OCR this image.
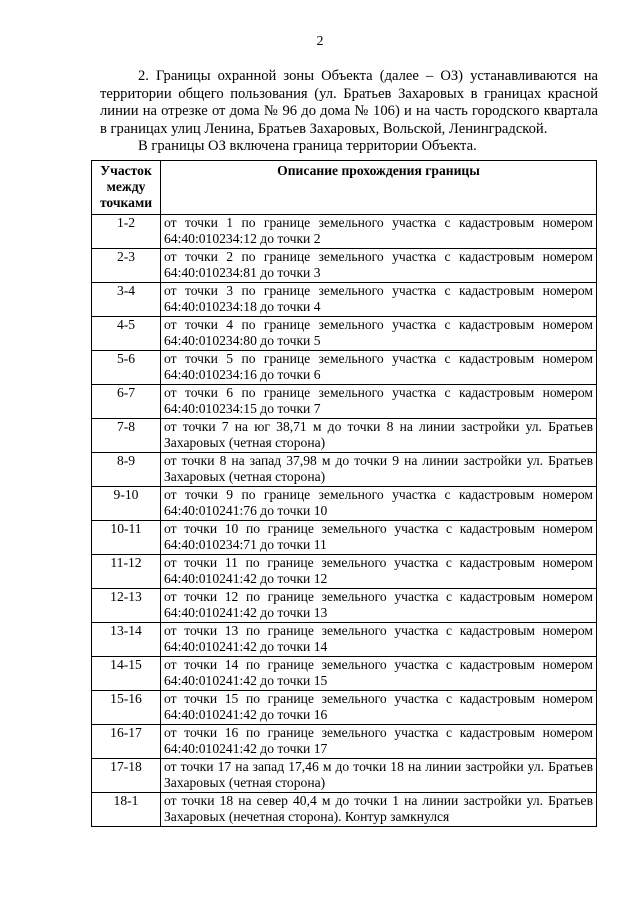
2

2. Границы охранной зоны Объекта (далее – ОЗ) устанавливаются на территории общего пользования (ул. Братьев Захаровых в границах красной линии на отрезке от дома № 96 до дома № 106) и на часть городского квартала в границах улиц Ленина, Братьев Захаровых, Вольской, Ленинградской.

В границы ОЗ включена граница территории Объекта.

Участок между точками	Описание прохождения границы
1-2	от точки 1 по границе земельного участка с кадастровым номером 64:40:010234:12 до точки 2
2-3	от точки 2 по границе земельного участка с кадастровым номером 64:40:010234:81 до точки 3
3-4	от точки 3 по границе земельного участка с кадастровым номером 64:40:010234:18 до точки 4
4-5	от точки 4 по границе земельного участка с кадастровым номером 64:40:010234:80 до точки 5
5-6	от точки 5 по границе земельного участка с кадастровым номером 64:40:010234:16 до точки 6
6-7	от точки 6 по границе земельного участка с кадастровым номером 64:40:010234:15 до точки 7
7-8	от точки 7 на юг 38,71 м до точки 8 на линии застройки ул. Братьев Захаровых (четная сторона)
8-9	от точки 8 на запад 37,98 м до точки 9 на линии застройки ул. Братьев Захаровых (четная сторона)
9-10	от точки 9 по границе земельного участка с кадастровым номером 64:40:010241:76 до точки 10
10-11	от точки 10 по границе земельного участка с кадастровым номером 64:40:010234:71 до точки 11
11-12	от точки 11 по границе земельного участка с кадастровым номером 64:40:010241:42 до точки 12
12-13	от точки 12 по границе земельного участка с кадастровым номером 64:40:010241:42 до точки 13
13-14	от точки 13 по границе земельного участка с кадастровым номером 64:40:010241:42 до точки 14
14-15	от точки 14 по границе земельного участка с кадастровым номером 64:40:010241:42 до точки 15
15-16	от точки 15 по границе земельного участка с кадастровым номером 64:40:010241:42 до точки 16
16-17	от точки 16 по границе земельного участка с кадастровым номером 64:40:010241:42 до точки 17
17-18	от точки 17 на запад 17,46 м до точки 18 на линии застройки ул. Братьев Захаровых (четная сторона)
18-1	от точки 18 на север 40,4 м до точки 1 на линии застройки ул. Братьев Захаровых (нечетная сторона). Контур замкнулся
